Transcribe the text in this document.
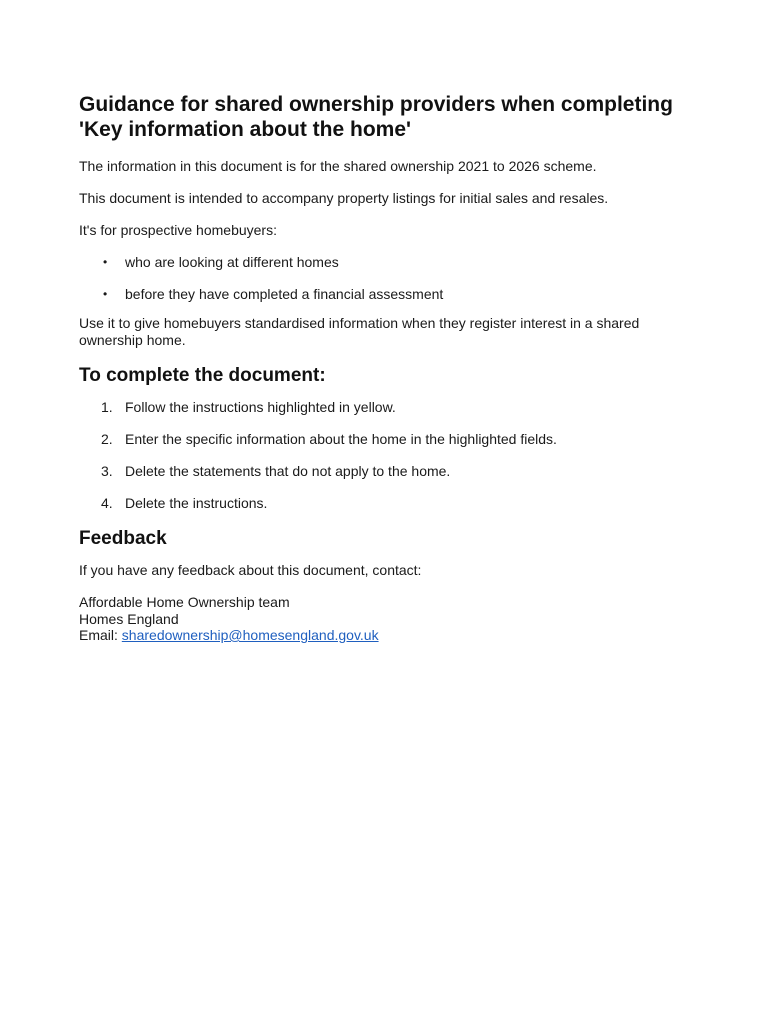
Guidance for shared ownership providers when completing 'Key information about the home'

The information in this document is for the shared ownership 2021 to 2026 scheme.

This document is intended to accompany property listings for initial sales and resales.

It's for prospective homebuyers:

• who are looking at different homes
• before they have completed a financial assessment

Use it to give homebuyers standardised information when they register interest in a shared ownership home.

To complete the document:
1. Follow the instructions highlighted in yellow.
2. Enter the specific information about the home in the highlighted fields.
3. Delete the statements that do not apply to the home.
4. Delete the instructions.
Feedback

If you have any feedback about this document, contact:

Affordable Home Ownership team
Homes England
Email: sharedownership@homesengland.gov.uk
